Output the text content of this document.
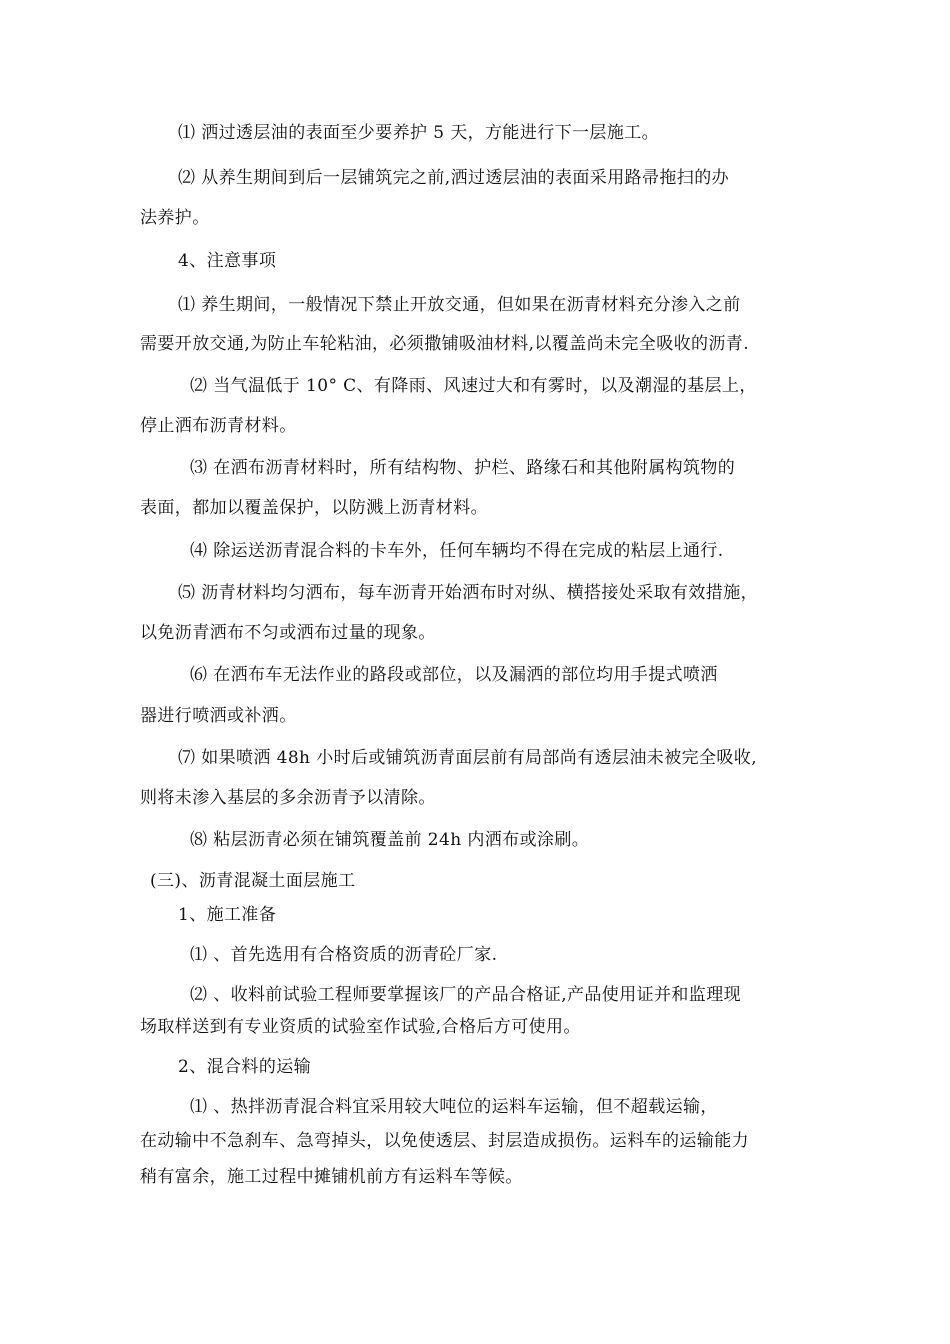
⑴ 洒过透层油的表面至少要养护 5 天，方能进行下一层施工。

⑵ 从养生期间到后一层铺筑完之前,洒过透层油的表面采用路帚拖扫的办

法养护。

4、注意事项

⑴ 养生期间，一般情况下禁止开放交通，但如果在沥青材料充分渗入之前

需要开放交通,为防止车轮粘油，必须撒铺吸油材料,以覆盖尚未完全吸收的沥青.

⑵ 当气温低于 10° C、有降雨、风速过大和有雾时，以及潮湿的基层上，

停止洒布沥青材料。

⑶ 在洒布沥青材料时，所有结构物、护栏、路缘石和其他附属构筑物的

表面，都加以覆盖保护，以防溅上沥青材料。

⑷ 除运送沥青混合料的卡车外，任何车辆均不得在完成的粘层上通行.

⑸ 沥青材料均匀洒布，每车沥青开始洒布时对纵、横搭接处采取有效措施，

以免沥青洒布不匀或洒布过量的现象。

⑹ 在洒布车无法作业的路段或部位，以及漏洒的部位均用手提式喷洒

器进行喷洒或补洒。

⑺ 如果喷洒 48h 小时后或铺筑沥青面层前有局部尚有透层油未被完全吸收,

则将未渗入基层的多余沥青予以清除。

⑻ 粘层沥青必须在铺筑覆盖前 24h 内洒布或涂刷。

(三)、沥青混凝土面层施工

1、施工准备

⑴ 、首先选用有合格资质的沥青砼厂家.

⑵ 、收料前试验工程师要掌握该厂的产品合格证,产品使用证并和监理现

场取样送到有专业资质的试验室作试验,合格后方可使用。

2、混合料的运输

⑴ 、热拌沥青混合料宜采用较大吨位的运料车运输，但不超载运输，

在动输中不急刹车、急弯掉头，以免使透层、封层造成损伤。运料车的运输能力

稍有富余，施工过程中摊铺机前方有运料车等候。
